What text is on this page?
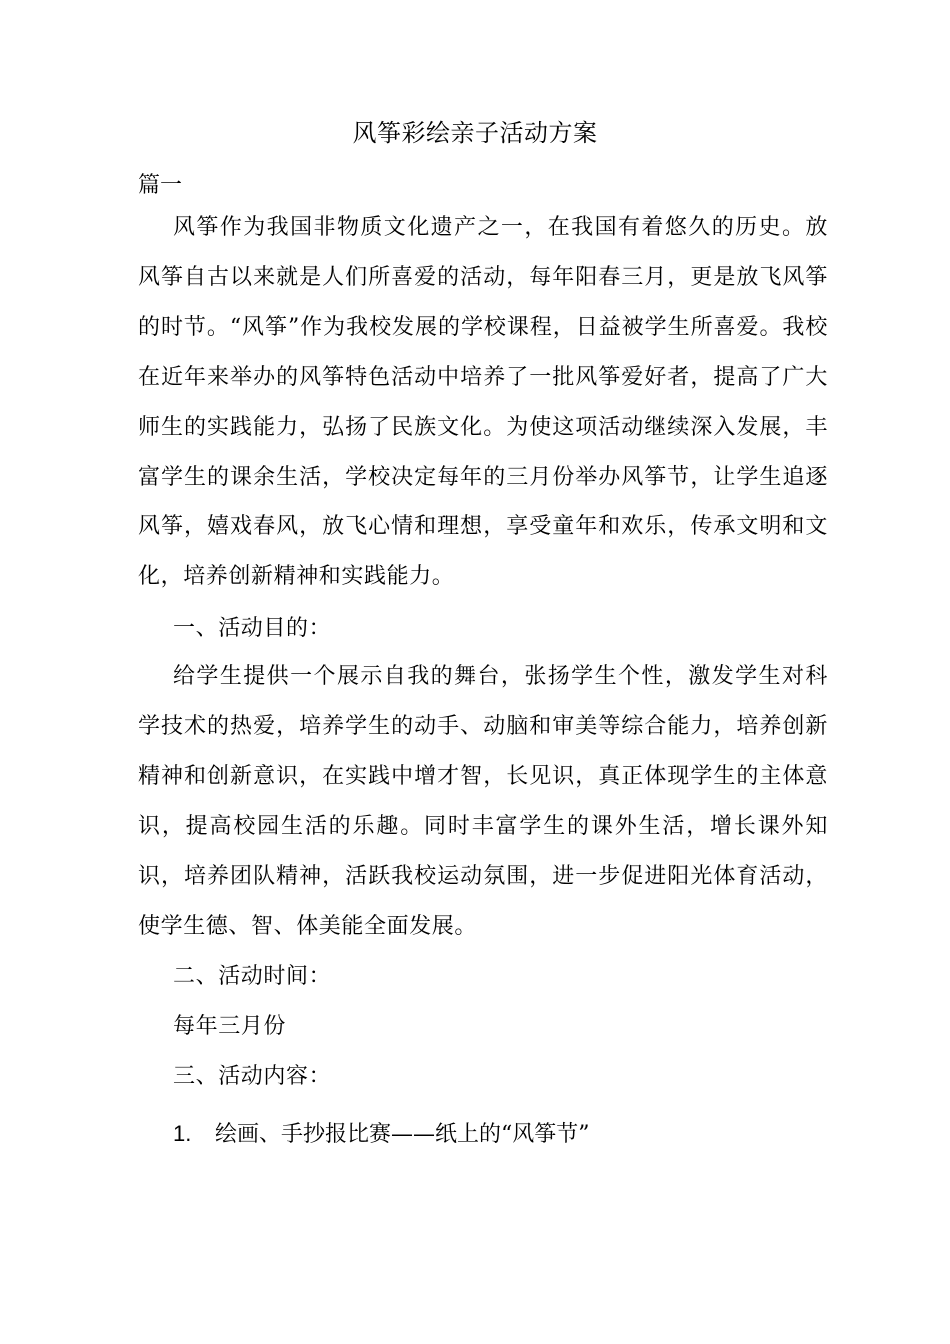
风筝彩绘亲子活动方案
篇一

风筝作为我国非物质文化遗产之一，在我国有着悠久的历史。放风筝自古以来就是人们所喜爱的活动，每年阳春三月，更是放飞风筝的时节。“风筝”作为我校发展的学校课程，日益被学生所喜爱。我校在近年来举办的风筝特色活动中培养了一批风筝爱好者，提高了广大师生的实践能力，弘扬了民族文化。为使这项活动继续深入发展，丰富学生的课余生活，学校决定每年的三月份举办风筝节，让学生追逐风筝，嬉戏春风，放飞心情和理想，享受童年和欢乐，传承文明和文化，培养创新精神和实践能力。

一、活动目的：

给学生提供一个展示自我的舞台，张扬学生个性，激发学生对科学技术的热爱，培养学生的动手、动脑和审美等综合能力，培养创新精神和创新意识，在实践中增才智，长见识，真正体现学生的主体意识，提高校园生活的乐趣。同时丰富学生的课外生活，增长课外知识，培养团队精神，活跃我校运动氛围，进一步促进阳光体育活动，使学生德、智、体美能全面发展。

二、活动时间：

每年三月份

三、活动内容：

1. 绘画、手抄报比赛——纸上的“风筝节”
